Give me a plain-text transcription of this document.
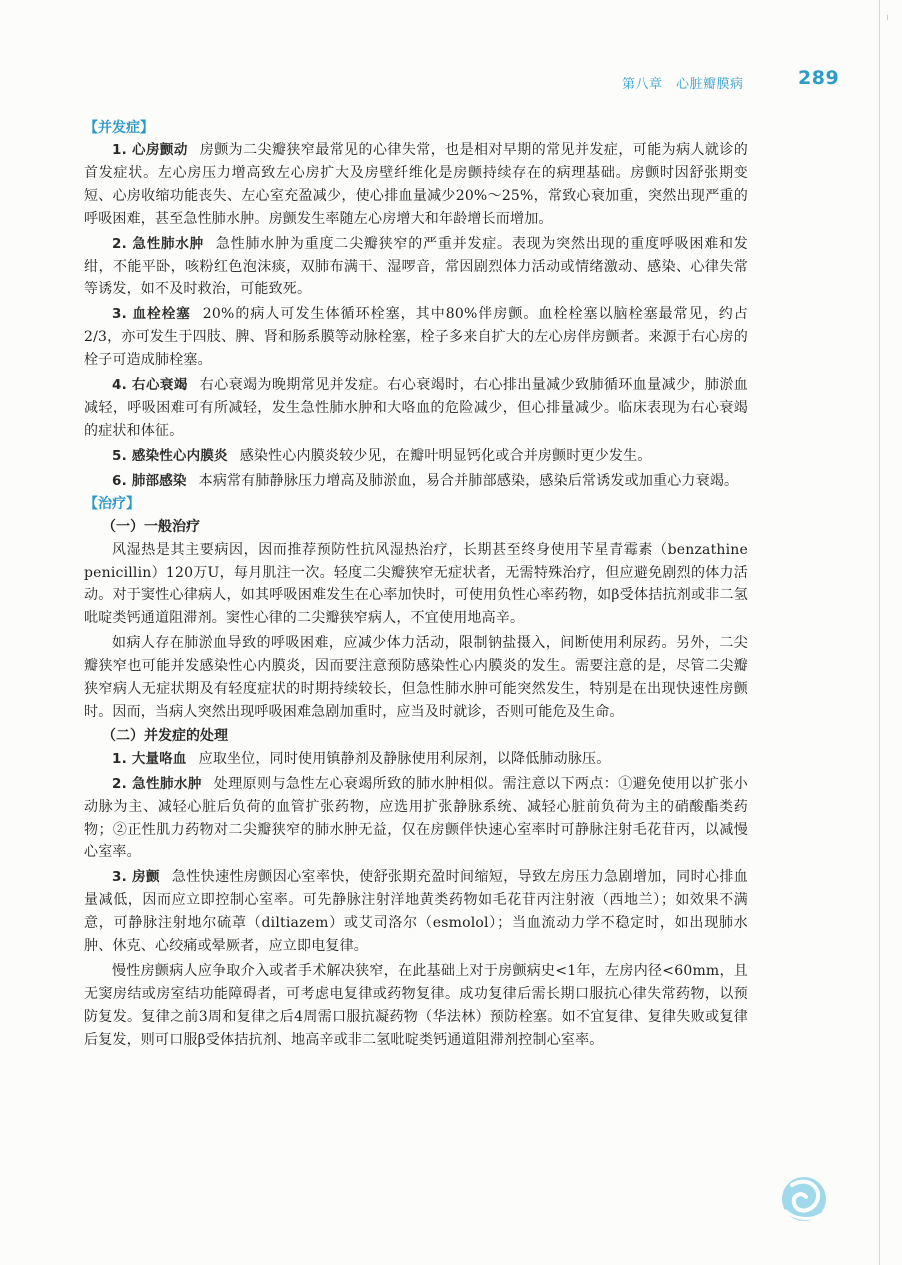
╷
第八章　心脏瓣膜病	289
【并发症】

1. 心房颤动 房颤为二尖瓣狭窄最常见的心律失常，也是相对早期的常见并发症，可能为病人就诊的首发症状。左心房压力增高致左心房扩大及房壁纤维化是房颤持续存在的病理基础。房颤时因舒张期变短、心房收缩功能丧失、左心室充盈减少，使心排血量减少20%～25%，常致心衰加重，突然出现严重的呼吸困难，甚至急性肺水肿。房颤发生率随左心房增大和年龄增长而增加。

2. 急性肺水肿 急性肺水肿为重度二尖瓣狭窄的严重并发症。表现为突然出现的重度呼吸困难和发绀，不能平卧，咳粉红色泡沫痰，双肺布满干、湿啰音，常因剧烈体力活动或情绪激动、感染、心律失常等诱发，如不及时救治，可能致死。

3. 血栓栓塞 20%的病人可发生体循环栓塞，其中80%伴房颤。血栓栓塞以脑栓塞最常见，约占2/3，亦可发生于四肢、脾、肾和肠系膜等动脉栓塞，栓子多来自扩大的左心房伴房颤者。来源于右心房的栓子可造成肺栓塞。

4. 右心衰竭 右心衰竭为晚期常见并发症。右心衰竭时，右心排出量减少致肺循环血量减少，肺淤血减轻，呼吸困难可有所减轻，发生急性肺水肿和大咯血的危险减少，但心排量减少。临床表现为右心衰竭的症状和体征。

5. 感染性心内膜炎 感染性心内膜炎较少见，在瓣叶明显钙化或合并房颤时更少发生。

6. 肺部感染 本病常有肺静脉压力增高及肺淤血，易合并肺部感染，感染后常诱发或加重心力衰竭。

【治疗】
（一）一般治疗

风湿热是其主要病因，因而推荐预防性抗风湿热治疗，长期甚至终身使用苄星青霉素（benzathine penicillin）120万U，每月肌注一次。轻度二尖瓣狭窄无症状者，无需特殊治疗，但应避免剧烈的体力活动。对于窦性心律病人，如其呼吸困难发生在心率加快时，可使用负性心率药物，如β受体拮抗剂或非二氢吡啶类钙通道阻滞剂。窦性心律的二尖瓣狭窄病人，不宜使用地高辛。

如病人存在肺淤血导致的呼吸困难，应减少体力活动，限制钠盐摄入，间断使用利尿药。另外，二尖瓣狭窄也可能并发感染性心内膜炎，因而要注意预防感染性心内膜炎的发生。需要注意的是，尽管二尖瓣狭窄病人无症状期及有轻度症状的时期持续较长，但急性肺水肿可能突然发生，特别是在出现快速性房颤时。因而，当病人突然出现呼吸困难急剧加重时，应当及时就诊，否则可能危及生命。

（二）并发症的处理

1. 大量咯血 应取坐位，同时使用镇静剂及静脉使用利尿剂，以降低肺动脉压。

2. 急性肺水肿 处理原则与急性左心衰竭所致的肺水肿相似。需注意以下两点：①避免使用以扩张小动脉为主、减轻心脏后负荷的血管扩张药物，应选用扩张静脉系统、减轻心脏前负荷为主的硝酸酯类药物；②正性肌力药物对二尖瓣狭窄的肺水肿无益，仅在房颤伴快速心室率时可静脉注射毛花苷丙，以减慢心室率。

3. 房颤 急性快速性房颤因心室率快，使舒张期充盈时间缩短，导致左房压力急剧增加，同时心排血量减低，因而应立即控制心室率。可先静脉注射洋地黄类药物如毛花苷丙注射液（西地兰）；如效果不满意，可静脉注射地尔硫䓬（diltiazem）或艾司洛尔（esmolol）；当血流动力学不稳定时，如出现肺水肿、休克、心绞痛或晕厥者，应立即电复律。

慢性房颤病人应争取介入或者手术解决狭窄，在此基础上对于房颤病史<1年，左房内径<60mm，且无窦房结或房室结功能障碍者，可考虑电复律或药物复律。成功复律后需长期口服抗心律失常药物，以预防复发。复律之前3周和复律之后4周需口服抗凝药物（华法林）预防栓塞。如不宜复律、复律失败或复律后复发，则可口服β受体拮抗剂、地高辛或非二氢吡啶类钙通道阻滞剂控制心室率。
